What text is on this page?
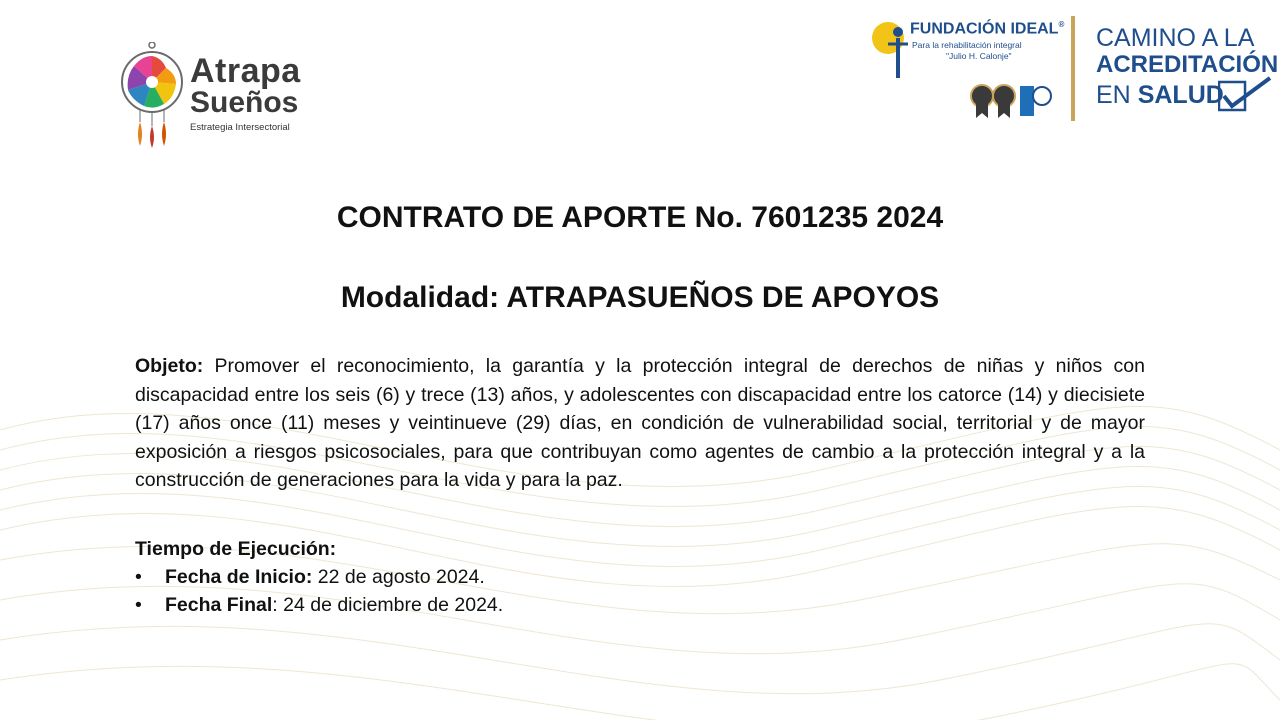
Atrapa
Sueños
Estrategia Intersectorial
FUNDACIÓN IDEAL®
Para la rehabilitación integral
"Julio H. Calonje"
CAMINO A LA
ACREDITACIÓN
EN SALUD
CONTRATO DE APORTE No. 7601235 2024
Modalidad: ATRAPASUEÑOS DE APOYOS
Objeto: Promover el reconocimiento, la garantía y la protección integral de derechos de niñas y niños con discapacidad entre los seis (6) y trece (13) años, y adolescentes con discapacidad entre los catorce (14) y diecisiete (17) años once (11) meses y veintinueve (29) días, en condición de vulnerabilidad social, territorial y de mayor exposición a riesgos psicosociales, para que contribuyan como agentes de cambio a la protección integral y a la construcción de generaciones para la vida y para la paz.
Tiempo de Ejecución:
• Fecha de Inicio: 22 de agosto 2024.
• Fecha Final: 24 de diciembre de 2024.
